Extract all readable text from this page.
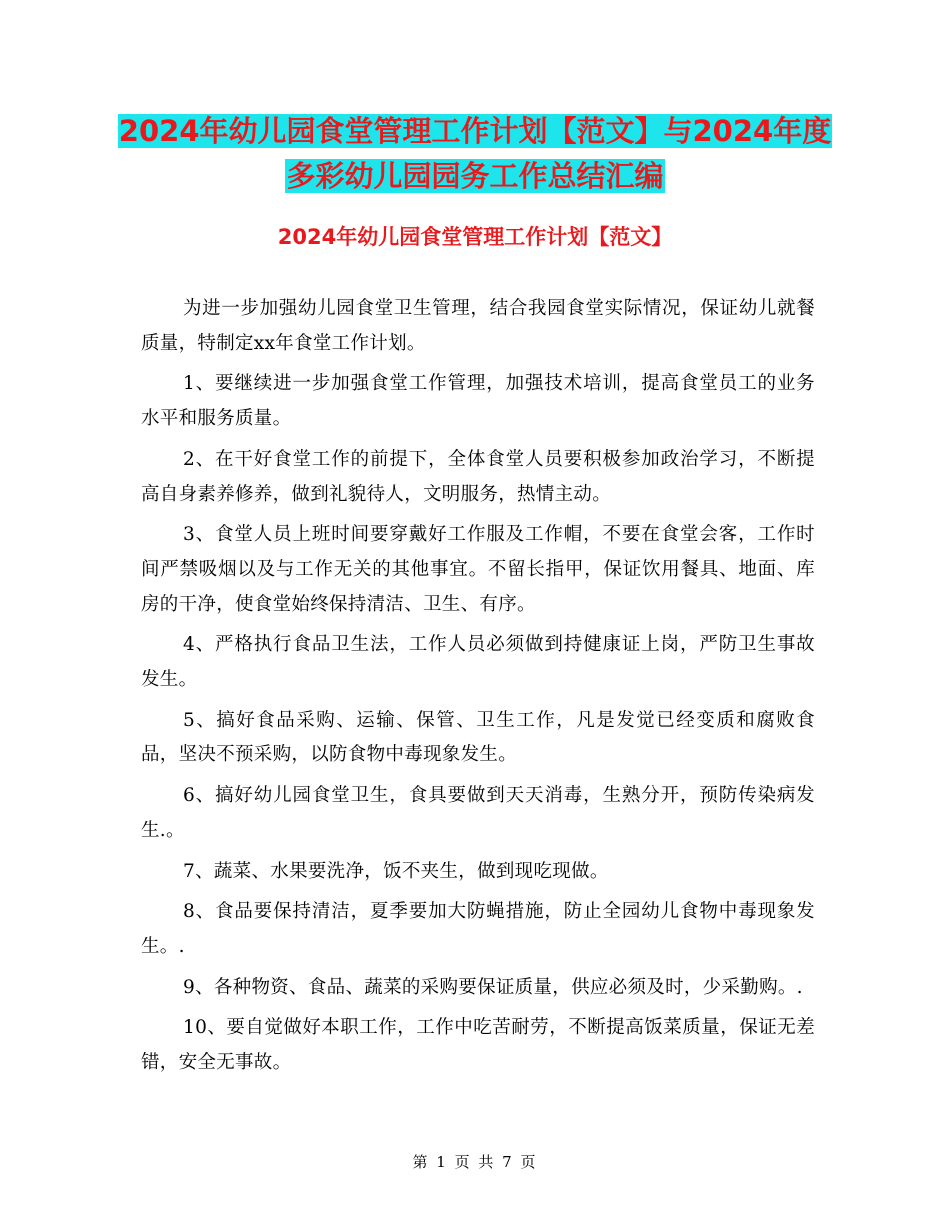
2024年幼儿园食堂管理工作计划【范文】与2024年度
多彩幼儿园园务工作总结汇编
2024年幼儿园食堂管理工作计划【范文】

为进一步加强幼儿园食堂卫生管理，结合我园食堂实际情况，保证幼儿就餐质量，特制定xx年食堂工作计划。

1、要继续进一步加强食堂工作管理，加强技术培训，提高食堂员工的业务水平和服务质量。

2、在干好食堂工作的前提下，全体食堂人员要积极参加政治学习，不断提高自身素养修养，做到礼貌待人，文明服务，热情主动。

3、食堂人员上班时间要穿戴好工作服及工作帽，不要在食堂会客，工作时间严禁吸烟以及与工作无关的其他事宜。不留长指甲，保证饮用餐具、地面、库房的干净，使食堂始终保持清洁、卫生、有序。

4、严格执行食品卫生法，工作人员必须做到持健康证上岗，严防卫生事故发生。

5、搞好食品采购、运输、保管、卫生工作，凡是发觉已经变质和腐败食品，坚决不预采购，以防食物中毒现象发生。

6、搞好幼儿园食堂卫生，食具要做到天天消毒，生熟分开，预防传染病发生.。

7、蔬菜、水果要洗净，饭不夹生，做到现吃现做。

8、食品要保持清洁，夏季要加大防蝇措施，防止全园幼儿食物中毒现象发生。.

9、各种物资、食品、蔬菜的采购要保证质量，供应必须及时，少采勤购。.

10、要自觉做好本职工作，工作中吃苦耐劳，不断提高饭菜质量，保证无差错，安全无事故。

第 1 页 共 7 页
